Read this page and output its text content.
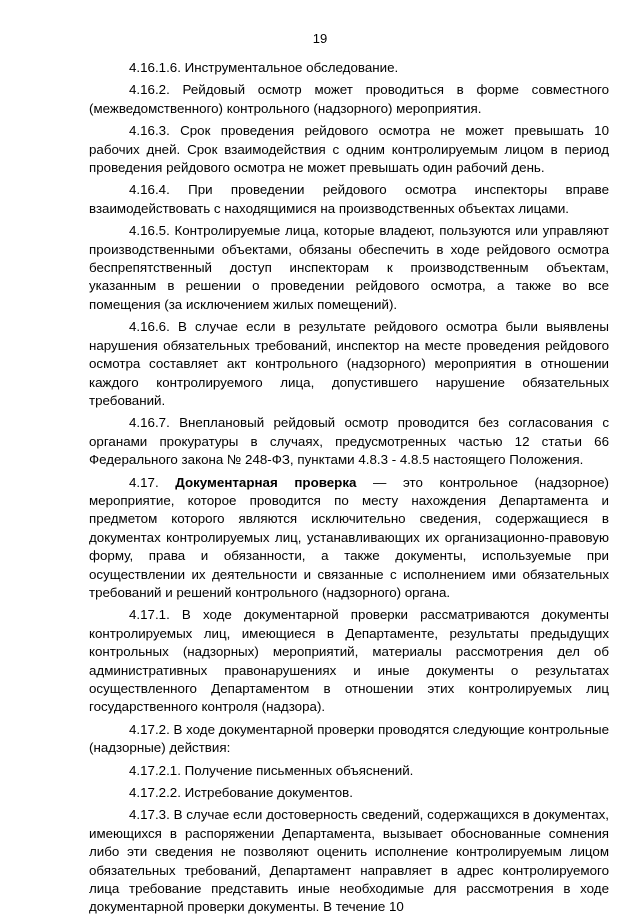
19

4.16.1.6. Инструментальное обследование.

4.16.2. Рейдовый осмотр может проводиться в форме совместного (межведомственного) контрольного (надзорного) мероприятия.

4.16.3. Срок проведения рейдового осмотра не может превышать 10 рабочих дней. Срок взаимодействия с одним контролируемым лицом в период проведения рейдового осмотра не может превышать один рабочий день.

4.16.4. При проведении рейдового осмотра инспекторы вправе взаимодействовать с находящимися на производственных объектах лицами.

4.16.5. Контролируемые лица, которые владеют, пользуются или управляют производственными объектами, обязаны обеспечить в ходе рейдового осмотра беспрепятственный доступ инспекторам к производственным объектам, указанным в решении о проведении рейдового осмотра, а также во все помещения (за исключением жилых помещений).

4.16.6. В случае если в результате рейдового осмотра были выявлены нарушения обязательных требований, инспектор на месте проведения рейдового осмотра составляет акт контрольного (надзорного) мероприятия в отношении каждого контролируемого лица, допустившего нарушение обязательных требований.

4.16.7. Внеплановый рейдовый осмотр проводится без согласования с органами прокуратуры в случаях, предусмотренных частью 12 статьи 66 Федерального закона № 248-ФЗ, пунктами 4.8.3 - 4.8.5 настоящего Положения.

4.17. Документарная проверка — это контрольное (надзорное) мероприятие, которое проводится по месту нахождения Департамента и предметом которого являются исключительно сведения, содержащиеся в документах контролируемых лиц, устанавливающих их организационно-правовую форму, права и обязанности, а также документы, используемые при осуществлении их деятельности и связанные с исполнением ими обязательных требований и решений контрольного (надзорного) органа.

4.17.1. В ходе документарной проверки рассматриваются документы контролируемых лиц, имеющиеся в Департаменте, результаты предыдущих контрольных (надзорных) мероприятий, материалы рассмотрения дел об административных правонарушениях и иные документы о результатах осуществленного Департаментом в отношении этих контролируемых лиц государственного контроля (надзора).

4.17.2. В ходе документарной проверки проводятся следующие контрольные (надзорные) действия:

4.17.2.1. Получение письменных объяснений.

4.17.2.2. Истребование документов.

4.17.3. В случае если достоверность сведений, содержащихся в документах, имеющихся в распоряжении Департамента, вызывает обоснованные сомнения либо эти сведения не позволяют оценить исполнение контролируемым лицом обязательных требований, Департамент направляет в адрес контролируемого лица требование представить иные необходимые для рассмотрения в ходе документарной проверки документы. В течение 10
